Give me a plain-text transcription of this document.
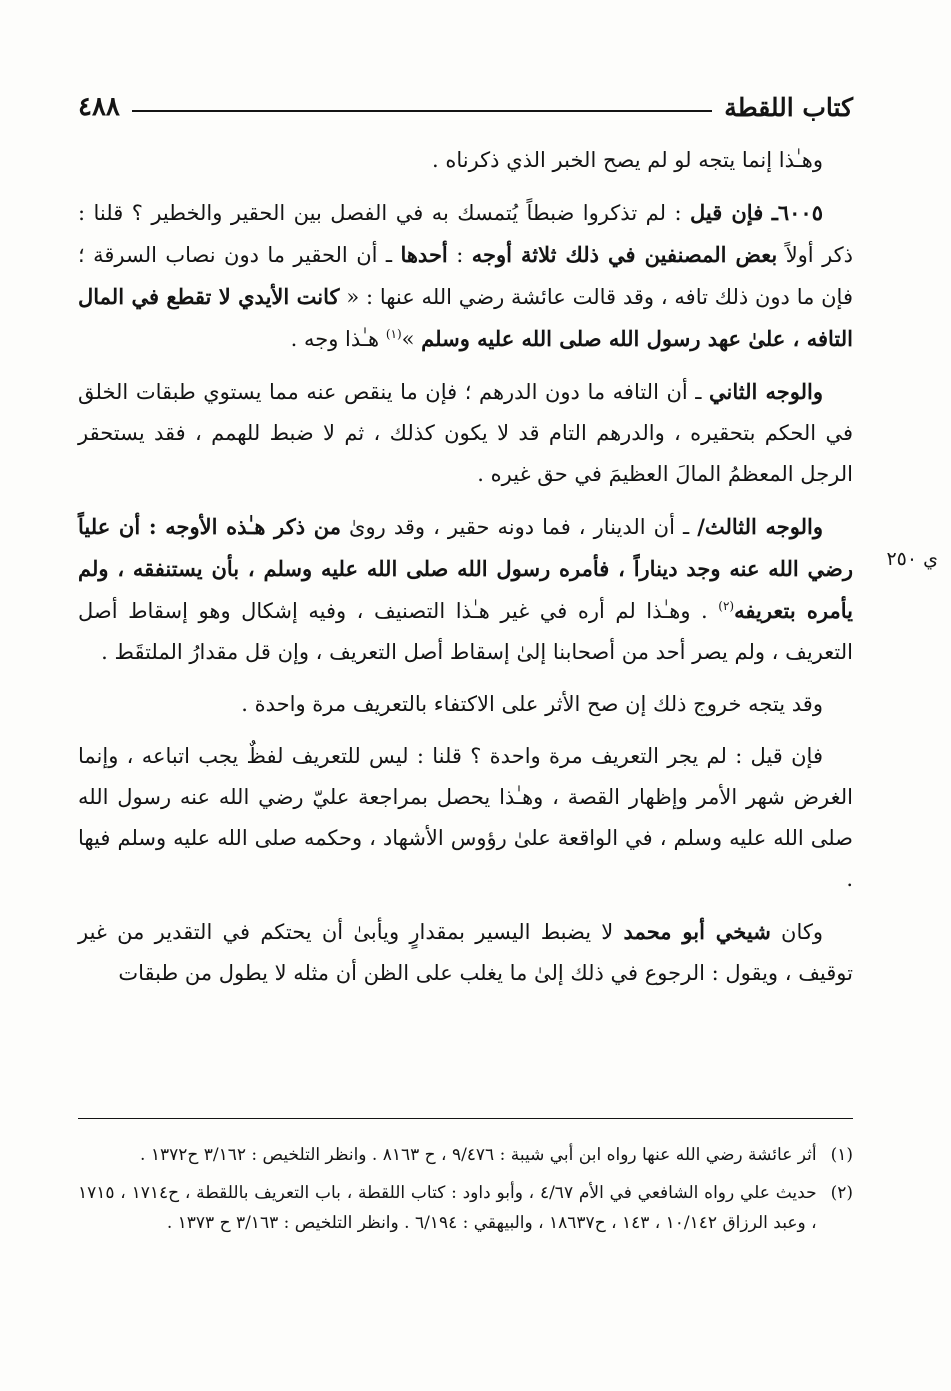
كتاب اللقطة
٤٨٨
ي ٢٥٠

وهـٰذا إنما يتجه لو لم يصح الخبر الذي ذكرناه .

٦٠٠٥ـ فإن قيل : لم تذكروا ضبطاً يُتمسك به في الفصل بين الحقير والخطير ؟ قلنا : ذكر أولاً بعض المصنفين في ذلك ثلاثة أوجه : أحدها ـ أن الحقير ما دون نصاب السرقة ؛ فإن ما دون ذلك تافه ، وقد قالت عائشة رضي الله عنها : « كانت الأيدي لا تقطع في المال التافه ، علىٰ عهد رسول الله صلى الله عليه وسلم »$^{(١)}$ هـٰذا وجه .

والوجه الثاني ـ أن التافه ما دون الدرهم ؛ فإن ما ينقص عنه مما يستوي طبقات الخلق في الحكم بتحقيره ، والدرهم التام قد لا يكون كذلك ، ثم لا ضبط للهمم ، فقد يستحقر الرجل المعظمُ المالَ العظيمَ في حق غيره .

والوجه الثالث/ ـ أن الدينار ، فما دونه حقير ، وقد روىٰ من ذكر هـٰذه الأوجه : أن علياً رضي الله عنه وجد ديناراً ، فأمره رسول الله صلى الله عليه وسلم ، بأن يستنفقه ، ولم يأمره بتعريفه$^{(٢)}$ . وهـٰذا لم أره في غير هـٰذا التصنيف ، وفيه إشكال وهو إسقاط أصل التعريف ، ولم يصر أحد من أصحابنا إلىٰ إسقاط أصل التعريف ، وإن قل مقدارُ الملتقَط .

وقد يتجه خروج ذلك إن صح الأثر على الاكتفاء بالتعريف مرة واحدة .

فإن قيل : لم يجر التعريف مرة واحدة ؟ قلنا : ليس للتعريف لفظٌ يجب اتباعه ، وإنما الغرض شهر الأمر وإظهار القصة ، وهـٰذا يحصل بمراجعة عليّ رضي الله عنه رسول الله صلى الله عليه وسلم ، في الواقعة علىٰ رؤوس الأشهاد ، وحكمه صلى الله عليه وسلم فيها .

وكان شيخي أبو محمد لا يضبط اليسير بمقدارٍ ويأبىٰ أن يحتكم في التقدير من غير توقيف ، ويقول : الرجوع في ذلك إلىٰ ما يغلب على الظن أن مثله لا يطول من طبقات

(١)
أثر عائشة رضي الله عنها رواه ابن أبي شيبة : ٩/٤٧٦ ، ح ٨١٦٣ . وانظر التلخيص : ٣/١٦٢ ح١٣٧٢ .
(٢)
حديث علي رواه الشافعي في الأم ٤/٦٧ ، وأبو داود : كتاب اللقطة ، باب التعريف باللقطة ، ح١٧١٤ ، ١٧١٥ ، وعبد الرزاق ١٠/١٤٢ ، ١٤٣ ، ح١٨٦٣٧ ، والبيهقي : ٦/١٩٤ . وانظر التلخيص : ٣/١٦٣ ح ١٣٧٣ .
